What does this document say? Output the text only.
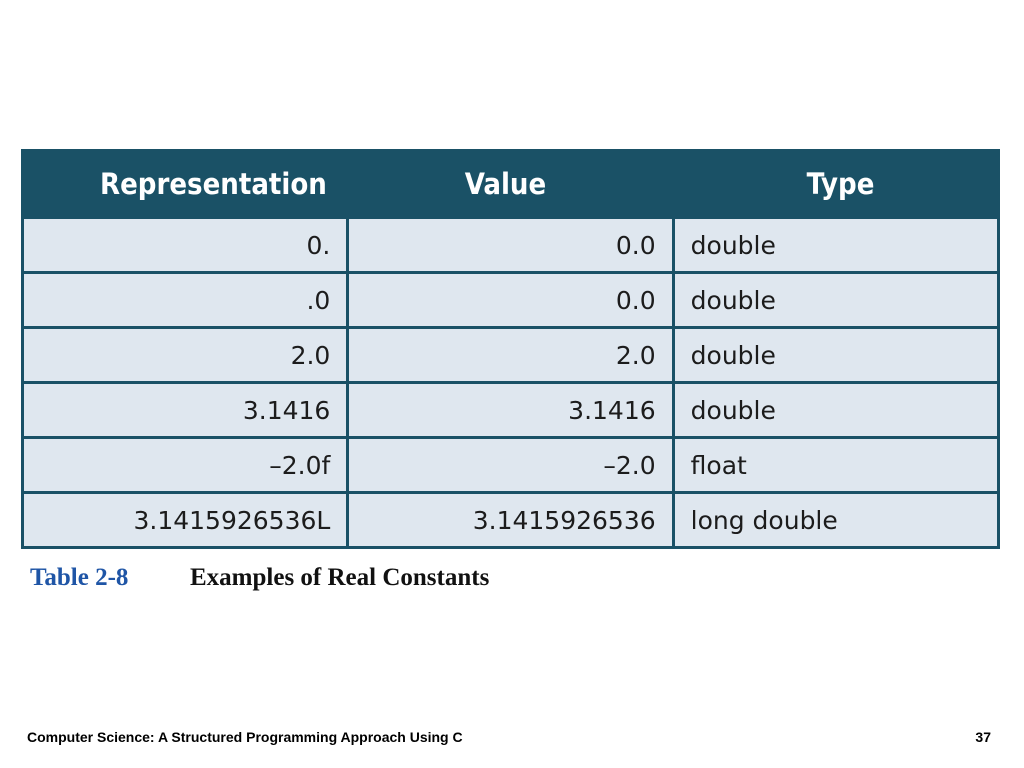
Representation	Value	Type
0.	0.0	double
.0	0.0	double
2.0	2.0	double
3.1416	3.1416	double
–2.0f	–2.0	float
3.1415926536L	3.1415926536	long double
Table 2-8 Examples of Real Constants
Computer Science: A Structured Programming Approach Using C	37
